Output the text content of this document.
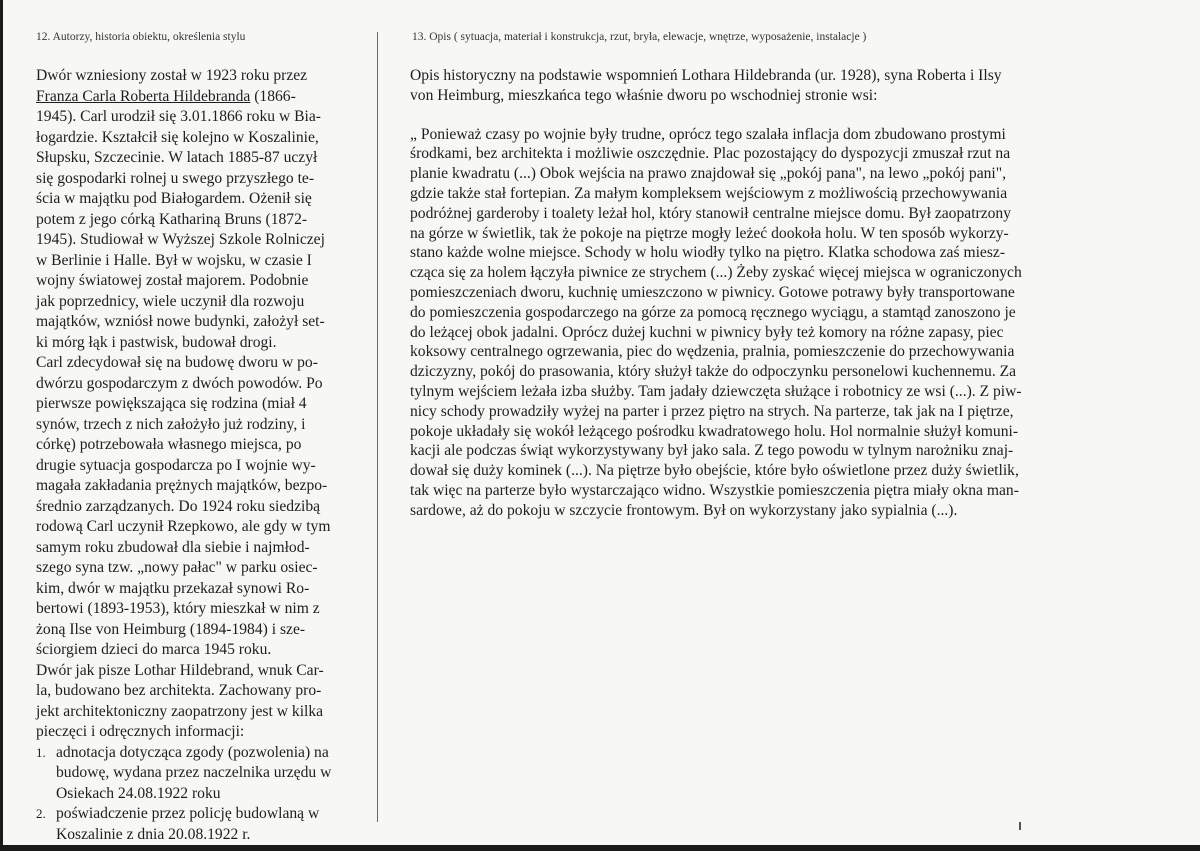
12. Autorzy, historia obiektu, określenia stylu	13. Opis ( sytuacja, materiał i konstrukcja, rzut, bryła, elewacje, wnętrze, wyposażenie, instalacje )

Dwór wzniesiony został w 1923 roku przez
Franza Carla Roberta Hildebranda (1866-
1945). Carl urodził się 3.01.1866 roku w Bia-
łogardzie. Kształcił się kolejno w Koszalinie,
Słupsku, Szczecinie. W latach 1885-87 uczył
się gospodarki rolnej u swego przyszłego te-
ścia w majątku pod Białogardem. Ożenił się
potem z jego córką Kathariną Bruns (1872-
1945). Studiował w Wyższej Szkole Rolniczej
w Berlinie i Halle. Był w wojsku, w czasie I
wojny światowej został majorem. Podobnie
jak poprzednicy, wiele uczynił dla rozwoju
majątków, wzniósł nowe budynki, założył set-
ki mórg łąk i pastwisk, budował drogi.
Carl zdecydował się na budowę dworu w po-
dwórzu gospodarczym z dwóch powodów. Po
pierwsze powiększająca się rodzina (miał 4
synów, trzech z nich założyło już rodziny, i
córkę) potrzebowała własnego miejsca, po
drugie sytuacja gospodarcza po I wojnie wy-
magała zakładania prężnych majątków, bezpo-
średnio zarządzanych. Do 1924 roku siedzibą
rodową Carl uczynił Rzepkowo, ale gdy w tym
samym roku zbudował dla siebie i najmłod-
szego syna tzw. „nowy pałac" w parku osiec-
kim, dwór w majątku przekazał synowi Ro-
bertowi (1893-1953), który mieszkał w nim z
żoną Ilse von Heimburg (1894-1984) i sze-
ściorgiem dzieci do marca 1945 roku.
Dwór jak pisze Lothar Hildebrand, wnuk Car-
la, budowano bez architekta. Zachowany pro-
jekt architektoniczny zaopatrzony jest w kilka
pieczęci i odręcznych informacji:

1. adnotacja dotycząca zgody (pozwolenia) na
budowę, wydana przez naczelnika urzędu w
Osiekach 24.08.1922 roku
2. poświadczenie przez policję budowlaną w
Koszalinie z dnia 20.08.1922 r.

Opis historyczny na podstawie wspomnień Lothara Hildebranda (ur. 1928), syna Roberta i Ilsy
von Heimburg, mieszkańca tego właśnie dworu po wschodniej stronie wsi:

„ Ponieważ czasy po wojnie były trudne, oprócz tego szalała inflacja dom zbudowano prostymi
środkami, bez architekta i możliwie oszczędnie. Plac pozostający do dyspozycji zmuszał rzut na
planie kwadratu (...) Obok wejścia na prawo znajdował się „pokój pana", na lewo „pokój pani",
gdzie także stał fortepian. Za małym kompleksem wejściowym z możliwością przechowywania
podróżnej garderoby i toalety leżał hol, który stanowił centralne miejsce domu. Był zaopatrzony
na górze w świetlik, tak że pokoje na piętrze mogły leżeć dookoła holu. W ten sposób wykorzy-
stano każde wolne miejsce. Schody w holu wiodły tylko na piętro. Klatka schodowa zaś miesz-
cząca się za holem łączyła piwnice ze strychem (...) Żeby zyskać więcej miejsca w ograniczonych
pomieszczeniach dworu, kuchnię umieszczono w piwnicy. Gotowe potrawy były transportowane
do pomieszczenia gospodarczego na górze za pomocą ręcznego wyciągu, a stamtąd zanoszono je
do leżącej obok jadalni. Oprócz dużej kuchni w piwnicy były też komory na różne zapasy, piec
koksowy centralnego ogrzewania, piec do wędzenia, pralnia, pomieszczenie do przechowywania
dziczyzny, pokój do prasowania, który służył także do odpoczynku personelowi kuchennemu. Za
tylnym wejściem leżała izba służby. Tam jadały dziewczęta służące i robotnicy ze wsi (...). Z piw-
nicy schody prowadziły wyżej na parter i przez piętro na strych. Na parterze, tak jak na I piętrze,
pokoje układały się wokół leżącego pośrodku kwadratowego holu. Hol normalnie służył komuni-
kacji ale podczas świąt wykorzystywany był jako sala. Z tego powodu w tylnym narożniku znaj-
dował się duży kominek (...). Na piętrze było obejście, które było oświetlone przez duży świetlik,
tak więc na parterze było wystarczająco widno. Wszystkie pomieszczenia piętra miały okna man-
sardowe, aż do pokoju w szczycie frontowym. Był on wykorzystany jako sypialnia (...).
